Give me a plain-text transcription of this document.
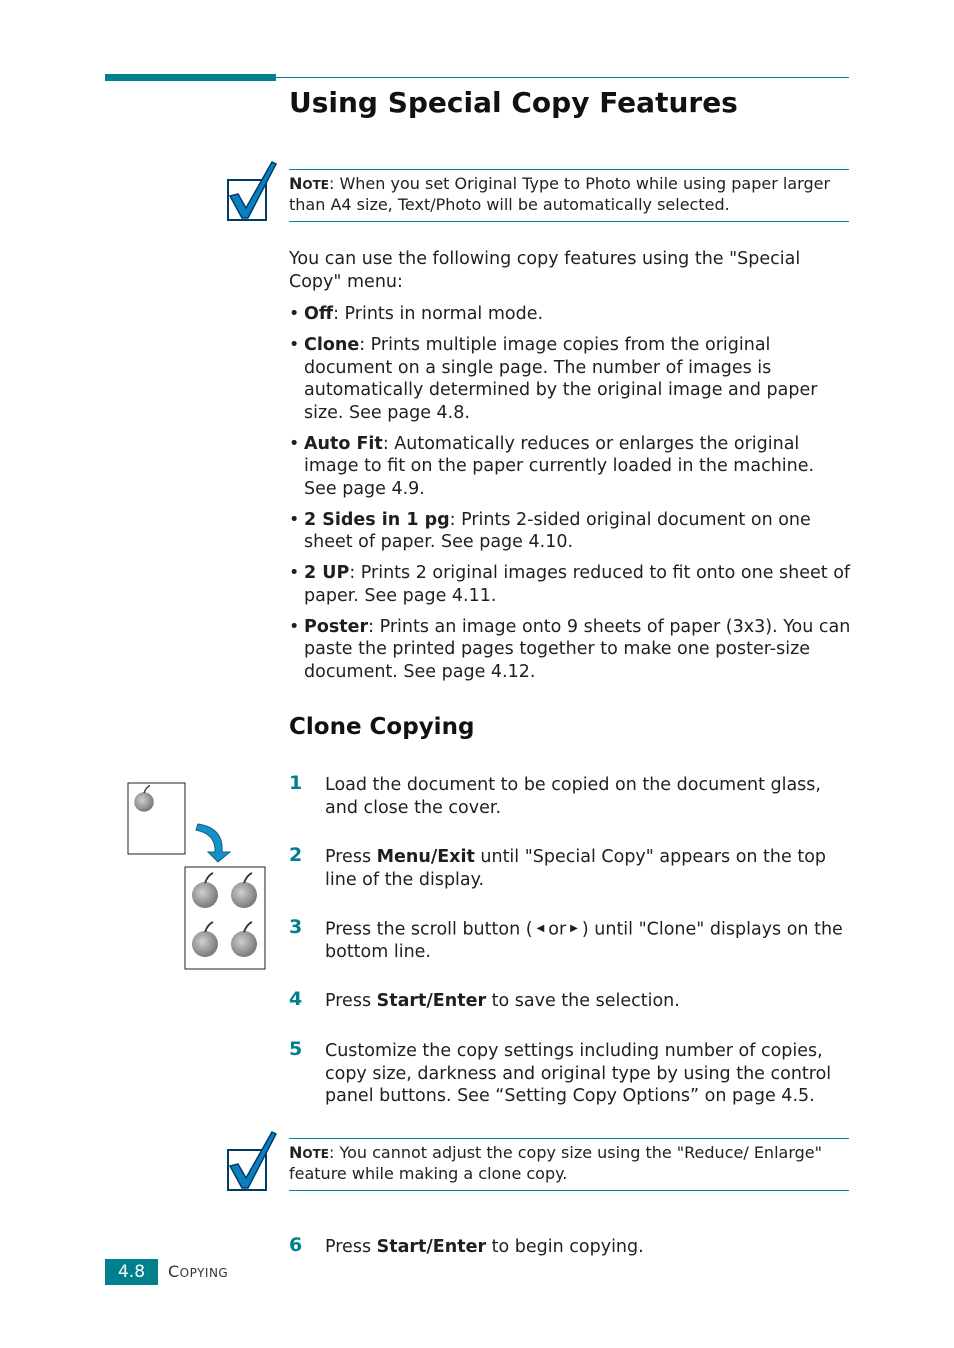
Using Special Copy Features

NOTE: When you set Original Type to Photo while using paper larger than A4 size, Text/Photo will be automatically selected.

You can use the following copy features using the "Special Copy" menu:
• Off: Prints in normal mode.
• Clone: Prints multiple image copies from the original document on a single page. The number of images is automatically determined by the original image and paper size. See page 4.8.
• Auto Fit: Automatically reduces or enlarges the original image to fit on the paper currently loaded in the machine. See page 4.9.
• 2 Sides in 1 pg: Prints 2-sided original document on one sheet of paper. See page 4.10.
• 2 UP: Prints 2 original images reduced to fit onto one sheet of paper. See page 4.11.
• Poster: Prints an image onto 9 sheets of paper (3x3). You can paste the printed pages together to make one poster-size document. See page 4.12.
Clone Copying
1 Load the document to be copied on the document glass, and close the cover.
2 Press Menu/Exit until "Special Copy" appears on the top line of the display.
3 Press the scroll button ( ◀ or ▶ ) until "Clone" displays on the bottom line.
4 Press Start/Enter to save the selection.
5 Customize the copy settings including number of copies, copy size, darkness and original type by using the control panel buttons. See “Setting Copy Options” on page 4.5.

NOTE: You cannot adjust the copy size using the "Reduce/ Enlarge" feature while making a clone copy.

6 Press Start/Enter to begin copying.
4.8	COPYING
